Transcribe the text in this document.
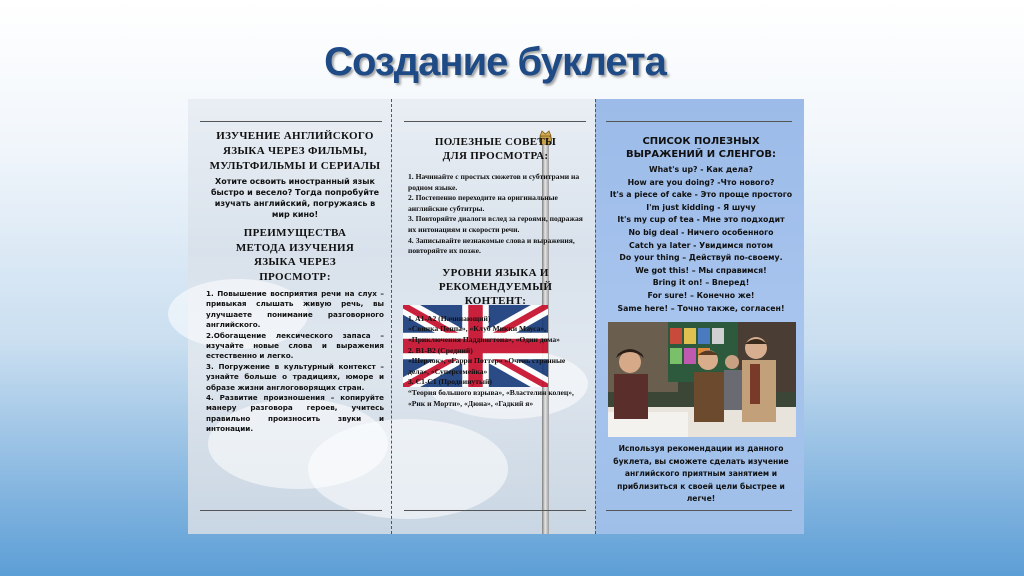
Создание буклета
ИЗУЧЕНИЕ АНГЛИЙСКОГО ЯЗЫКА ЧЕРЕЗ ФИЛЬМЫ, МУЛЬТФИЛЬМЫ И СЕРИАЛЫ
Хотите освоить иностранный язык быстро и весело? Тогда попробуйте изучать английский, погружаясь в мир кино!
ПРЕИМУЩЕСТВА МЕТОДА ИЗУЧЕНИЯ ЯЗЫКА ЧЕРЕЗ ПРОСМОТР:
1. Повышение восприятия речи на слух – привыкая слышать живую речь, вы улучшаете понимание разговорного английского.
2.Обогащение лексического запаса – изучайте новые слова и выражения естественно и легко.
3. Погружение в культурный контекст – узнайте больше о традициях, юморе и образе жизни англоговорящих стран.
4. Развитие произношения – копируйте манеру разговора героев, учитесь правильно произносить звуки и интонации.
ПОЛЕЗНЫЕ СОВЕТЫ ДЛЯ ПРОСМОТРА:
1. Начинайте с простых сюжетов и субтитрами на родном языке.
2. Постепенно переходите на оригинальные английские субтитры.
3. Повторяйте диалоги вслед за героями, подражая их интонациям и скорости речи.
4. Записывайте незнакомые слова и выражения, повторяйте их позже.
УРОВНИ ЯЗЫКА И РЕКОМЕНДУЕМЫЙ КОНТЕНТ:
1. A1-A2 (Начинающий)
«Свинка Пеппа», «Клуб Микки Мауса», «Приключения Паддингтона», «Один дома»
2. B1-B2 (Средний)
«Шерлок», «Гарри Поттер» «Очень странные дела», «Суперсемейка»
3. C1-C1 (Продвинутый)
“Теория большого взрыва», «Властелин колец», «Рик и Морти», «Дюна», «Гадкий я»
СПИСОК ПОЛЕЗНЫХ ВЫРАЖЕНИЙ И СЛЕНГОВ:
What's up? - Как дела?
How are you doing? -Что нового?
It's a piece of cake - Это проще простого
I'm just kidding - Я шучу
It's my cup of tea - Мне это подходит
No big deal - Ничего особенного
Catch ya later - Увидимся потом
Do your thing – Действуй по-своему.
We got this! – Мы справимся!
Bring it on! – Вперед!
For sure! – Конечно же!
Same here! – Точно также, согласен!
Используя рекомендации из данного буклета, вы сможете сделать изучение английского приятным занятием и приблизиться к своей цели быстрее и легче!
